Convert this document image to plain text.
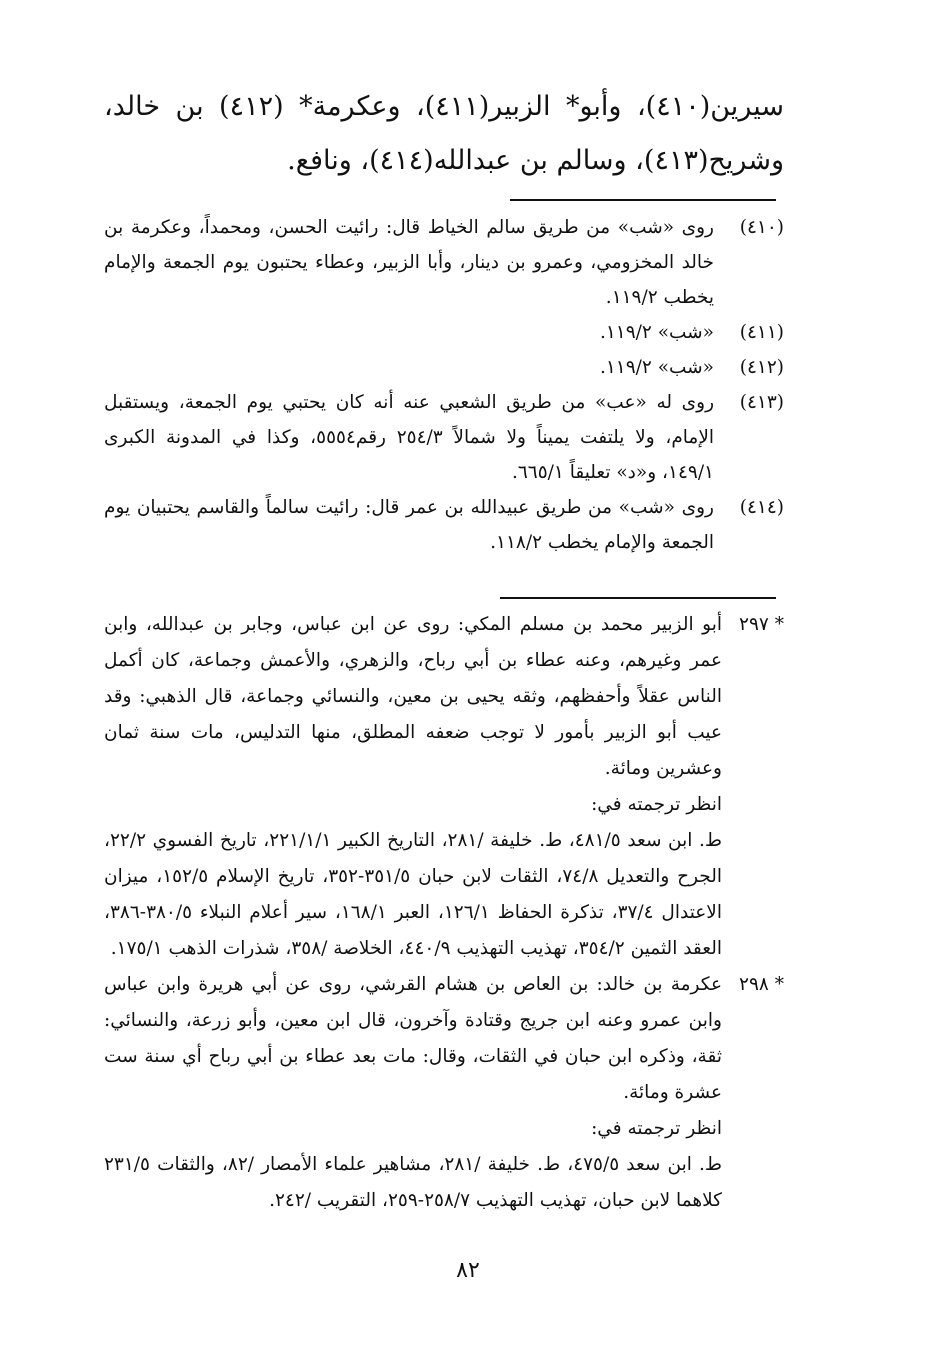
سيرين(٤١٠)، وأبو* الزبير(٤١١)، وعكرمة* (٤١٢) بن خالد، وشريح(٤١٣)، وسالم بن عبدالله(٤١٤)، ونافع.
(٤١٠)
روى «شب» من طريق سالم الخياط قال: رائيت الحسن، ومحمداً، وعكرمة بن خالد المخزومي، وعمرو بن دينار، وأبا الزبير، وعطاء يحتبون يوم الجمعة والإمام يخطب ١١٩/٢.
(٤١١)
«شب» ١١٩/٢.
(٤١٢)
«شب» ١١٩/٢.
(٤١٣)
روى له «عب» من طريق الشعبي عنه أنه كان يحتبي يوم الجمعة، ويستقبل الإمام، ولا يلتفت يميناً ولا شمالاً ٢٥٤/٣ رقم٥٥٥٤، وكذا في المدونة الكبرى ١٤٩/١، و«د» تعليقاً ٦٦٥/١.
(٤١٤)
روى «شب» من طريق عبيدالله بن عمر قال: رائيت سالماً والقاسم يحتبيان يوم الجمعة والإمام يخطب ١١٨/٢.
* ٢٩٧

أبو الزبير محمد بن مسلم المكي: روى عن ابن عباس، وجابر بن عبدالله، وابن عمر وغيرهم، وعنه عطاء بن أبي رباح، والزهري، والأعمش وجماعة، كان أكمل الناس عقلاً وأحفظهم، وثقه يحيى بن معين، والنسائي وجماعة، قال الذهبي: وقد عيب أبو الزبير بأمور لا توجب ضعفه المطلق، منها التدليس، مات سنة ثمان وعشرين ومائة.

انظر ترجمته في:

ط. ابن سعد ٤٨١/٥، ط. خليفة /٢٨١، التاريخ الكبير ٢٢١/١/١، تاريخ الفسوي ٢٢/٢، الجرح والتعديل ٧٤/٨، الثقات لابن حبان ٣٥١/٥-٣٥٢، تاريخ الإسلام ١٥٢/٥، ميزان الاعتدال ٣٧/٤، تذكرة الحفاظ ١٢٦/١، العبر ١٦٨/١، سير أعلام النبلاء ٣٨٠/٥-٣٨٦، العقد الثمين ٣٥٤/٢، تهذيب التهذيب ٤٤٠/٩، الخلاصة /٣٥٨، شذرات الذهب ١٧٥/١.

* ٢٩٨

عكرمة بن خالد: بن العاص بن هشام القرشي، روى عن أبي هريرة وابن عباس وابن عمرو وعنه ابن جريج وقتادة وآخرون، قال ابن معين، وأبو زرعة، والنسائي: ثقة، وذكره ابن حبان في الثقات، وقال: مات بعد عطاء بن أبي رباح أي سنة ست عشرة ومائة.

انظر ترجمته في:

ط. ابن سعد ٤٧٥/٥، ط. خليفة /٢٨١، مشاهير علماء الأمصار /٨٢، والثقات ٢٣١/٥ كلاهما لابن حبان، تهذيب التهذيب ٢٥٨/٧-٢٥٩، التقريب /٢٤٢.

٨٢
